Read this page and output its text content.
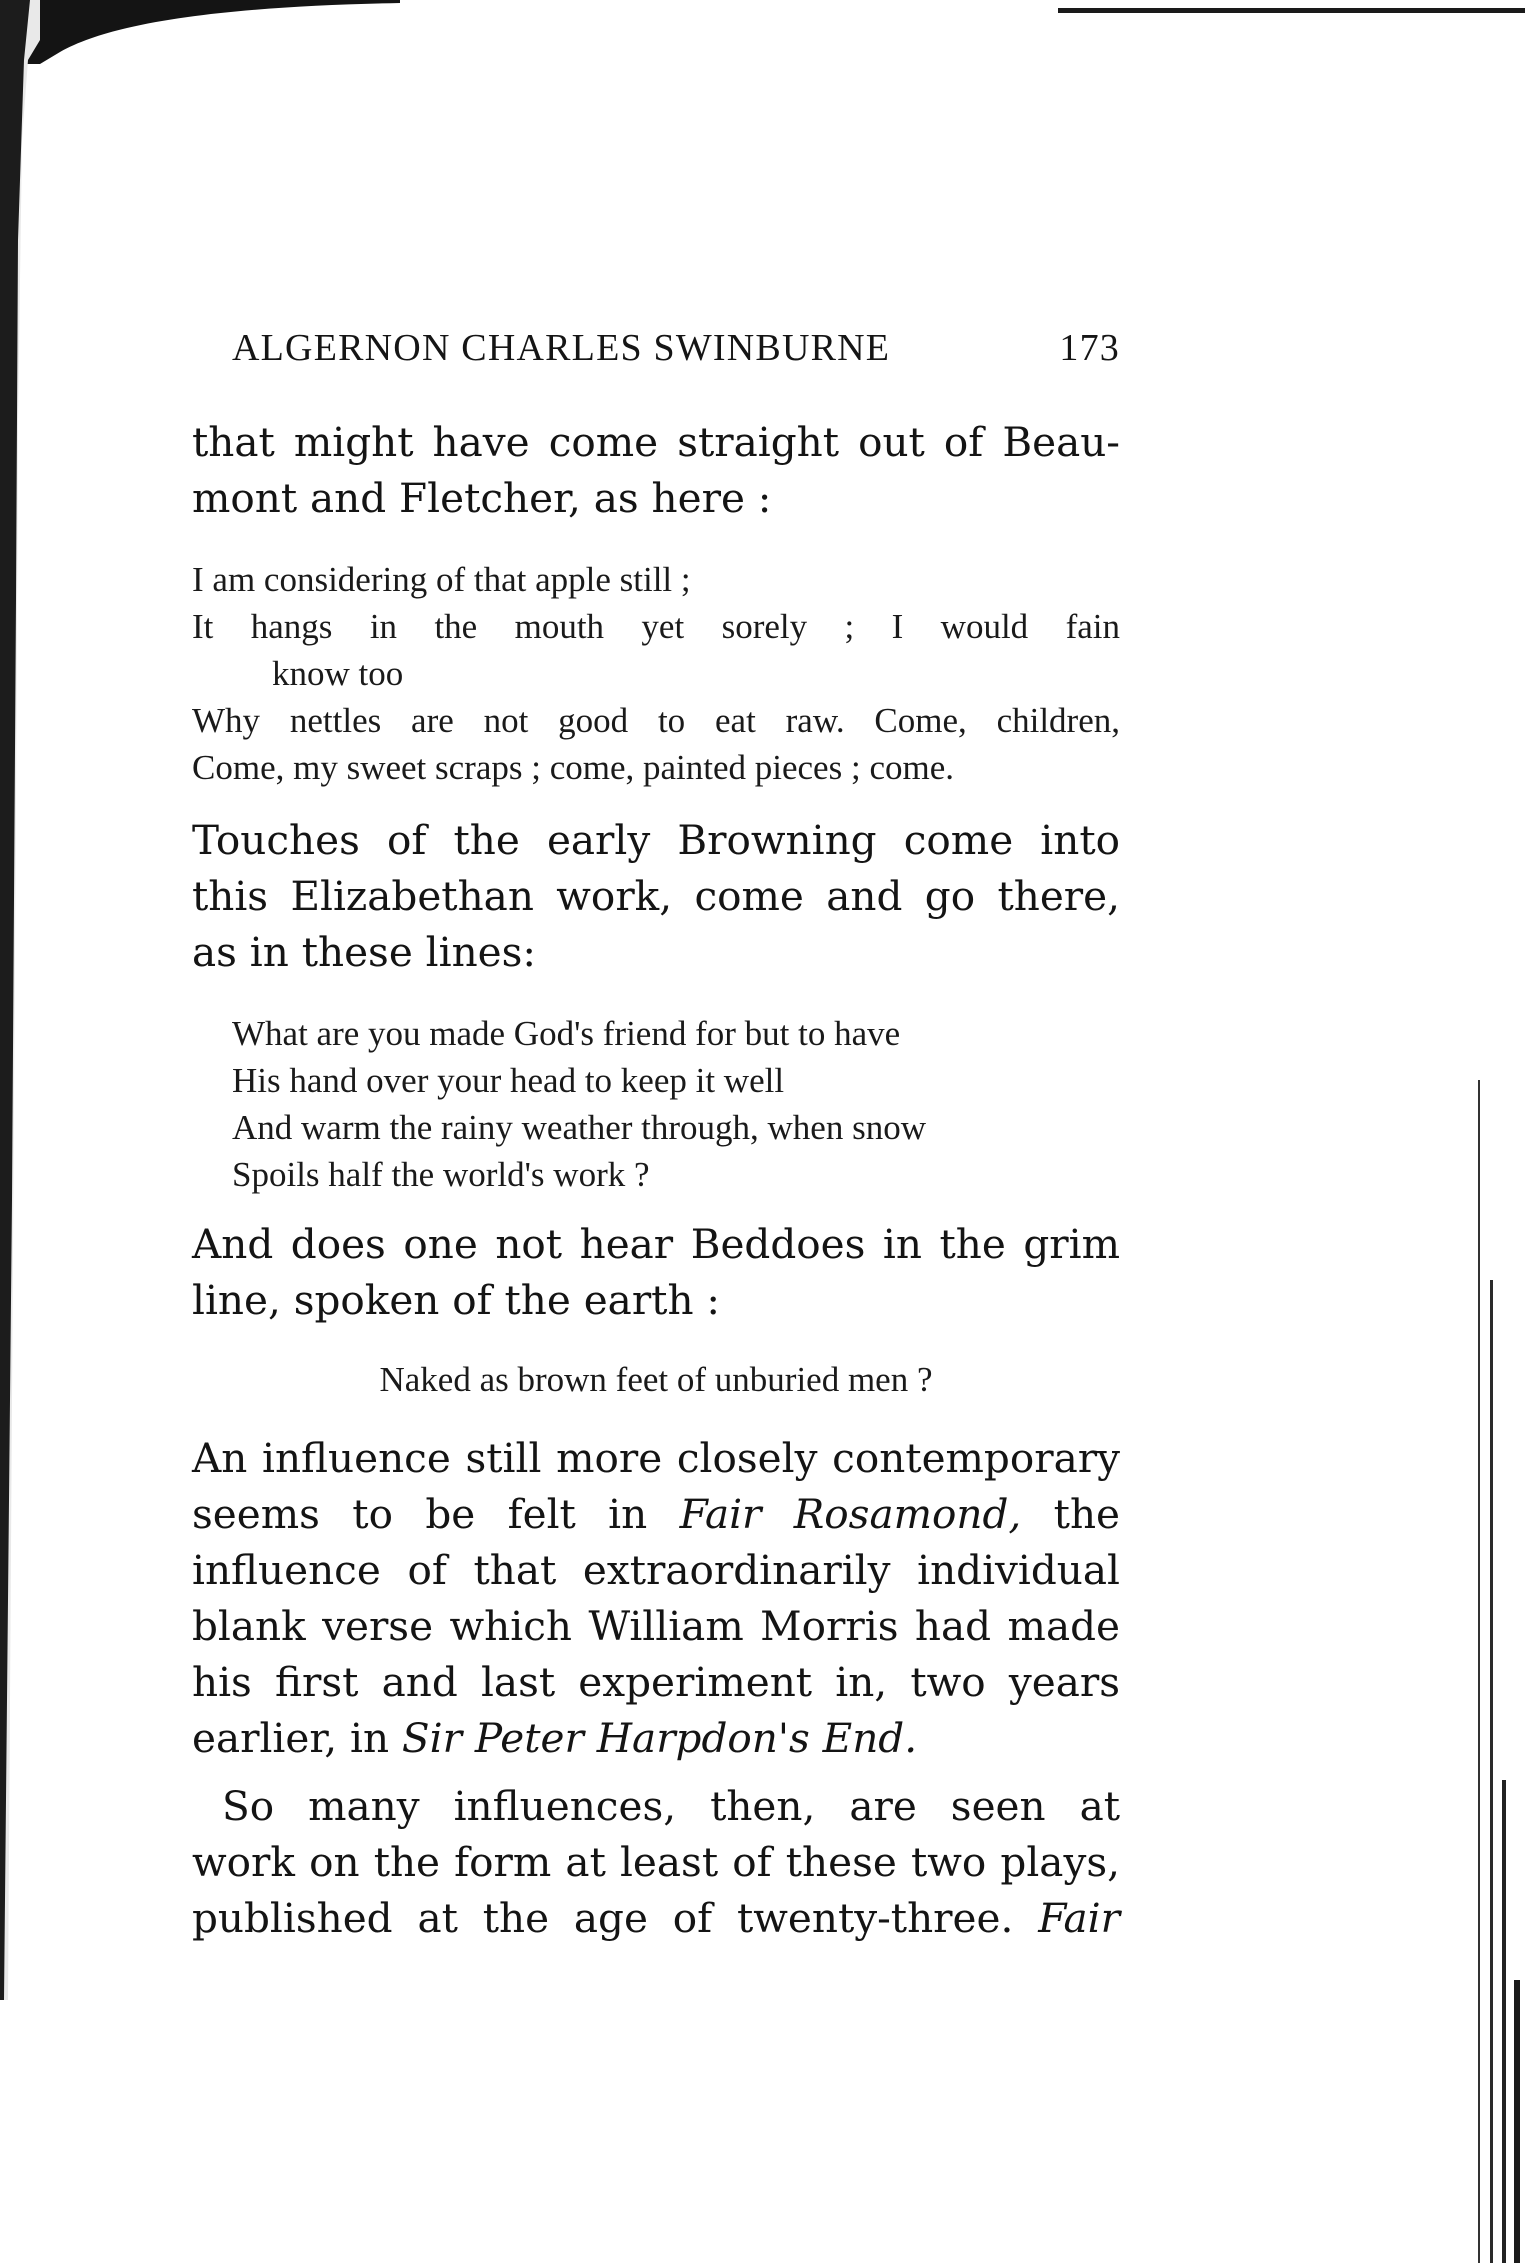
ALGERNON CHARLES SWINBURNE	173

that might have come straight out of Beau-
mont and Fletcher, as here :

I am considering of that apple still ;
It hangs in the mouth yet sorely ; I would fain
know too
Why nettles are not good to eat raw. Come, children,
Come, my sweet scraps ; come, painted pieces ; come.

Touches of the early Browning come into
this Elizabethan work, come and go there,
as in these lines:

What are you made God's friend for but to have
His hand over your head to keep it well
And warm the rainy weather through, when snow
Spoils half the world's work ?

And does one not hear Beddoes in the grim
line, spoken of the earth :

Naked as brown feet of unburied men ?

An influence still more closely contemporary
seems to be felt in Fair Rosamond, the
influence of that extraordinarily individual
blank verse which William Morris had made
his first and last experiment in, two years
earlier, in Sir Peter Harpdon's End.

So many influences, then, are seen at
work on the form at least of these two plays,
published at the age of twenty-three. Fair
